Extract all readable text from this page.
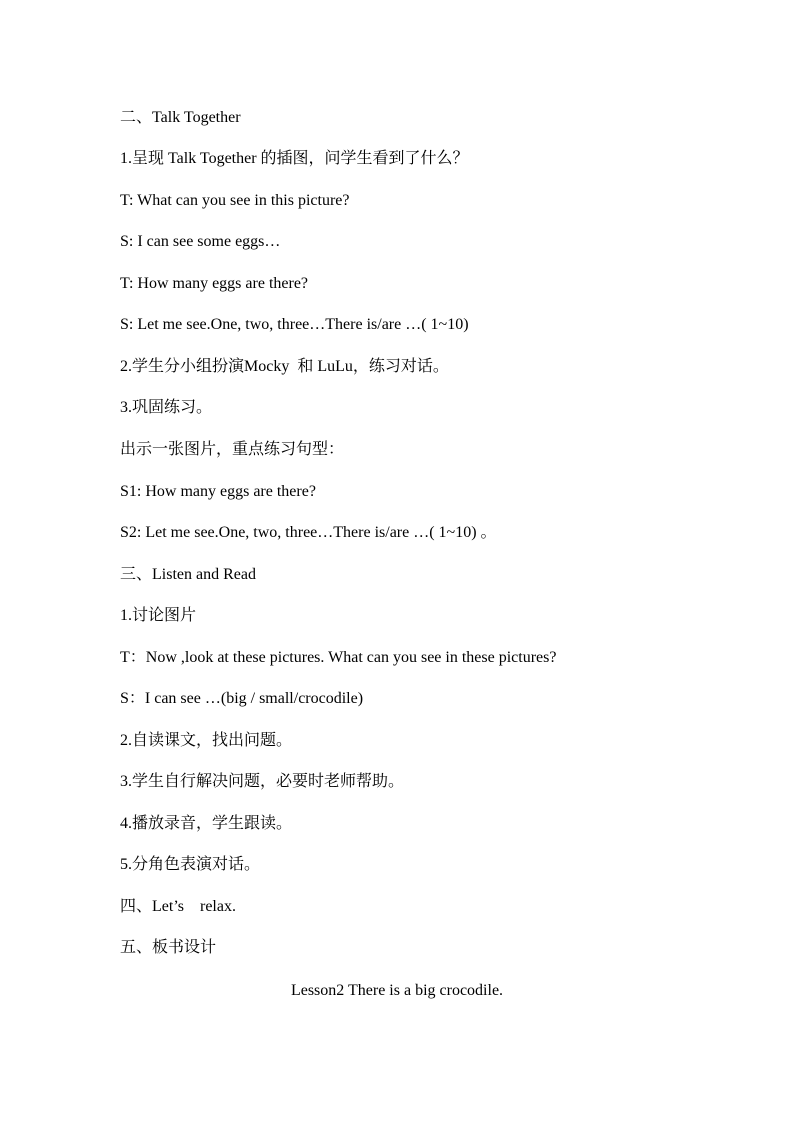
二、Talk Together
1.呈现 Talk Together 的插图，问学生看到了什么？
T: What can you see in this picture?
S: I can see some eggs…
T: How many eggs are there?
S: Let me see.One, two, three…There is/are …( 1~10)
2.学生分小组扮演Mocky  和 LuLu，练习对话。
3.巩固练习。
出示一张图片，重点练习句型：
S1: How many eggs are there?
S2: Let me see.One, two, three…There is/are …( 1~10) 。
三、Listen and Read
1.讨论图片
T：Now ,look at these pictures. What can you see in these pictures?
S：I can see …(big / small/crocodile)
2.自读课文，找出问题。
3.学生自行解决问题，必要时老师帮助。
4.播放录音，学生跟读。
5.分角色表演对话。
四、Let’s    relax.
五、板书设计
Lesson2 There is a big crocodile.
